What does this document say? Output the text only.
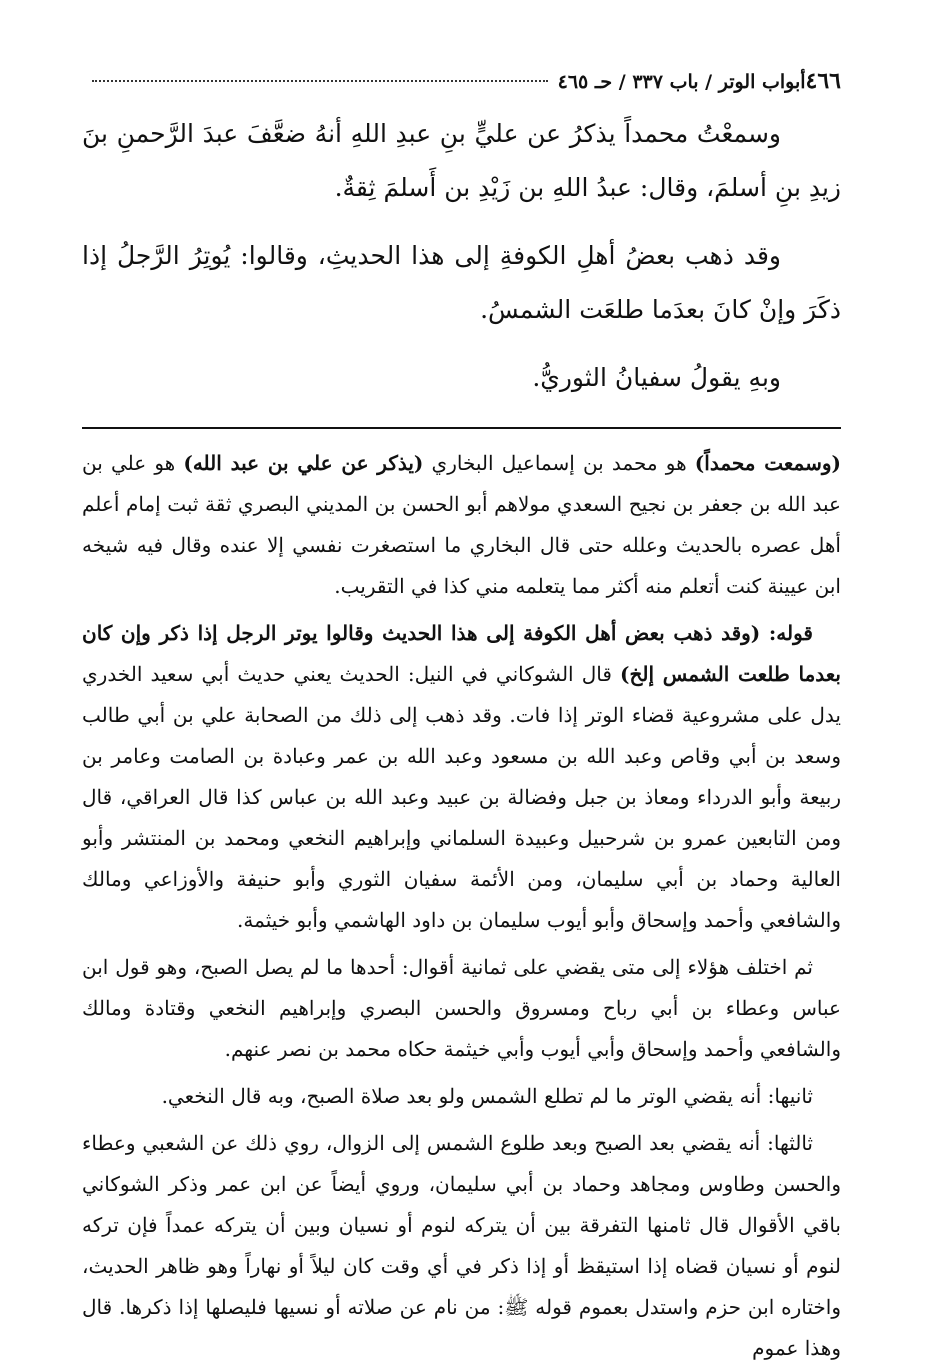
٤٦٦
أبواب الوتر / باب ٣٣٧ / حـ ٤٦٥

وسمعْتُ محمداً يذكرُ عن عليٍّ بنِ عبدِ اللهِ أنهُ ضعَّفَ عبدَ الرَّحمنِ بنَ زيدِ بنِ أسلمَ، وقال: عبدُ اللهِ بن زَيْدِ بن أَسلمَ ثِقةٌ.

وقد ذهب بعضُ أهلِ الكوفةِ إلى هذا الحديثِ، وقالوا: يُوتِرُ الرَّجلُ إذا ذكَرَ وإنْ كانَ بعدَما طلعَت الشمسُ.

وبهِ يقولُ سفيانُ الثوريُّ.

(وسمعت محمداً) هو محمد بن إسماعيل البخاري (يذكر عن علي بن عبد الله) هو علي بن عبد الله بن جعفر بن نجيح السعدي مولاهم أبو الحسن بن المديني البصري ثقة ثبت إمام أعلم أهل عصره بالحديث وعلله حتى قال البخاري ما استصغرت نفسي إلا عنده وقال فيه شيخه ابن عيينة كنت أتعلم منه أكثر مما يتعلمه مني كذا في التقريب.

قوله: (وقد ذهب بعض أهل الكوفة إلى هذا الحديث وقالوا يوتر الرجل إذا ذكر وإن كان بعدما طلعت الشمس إلخ) قال الشوكاني في النيل: الحديث يعني حديث أبي سعيد الخدري يدل على مشروعية قضاء الوتر إذا فات. وقد ذهب إلى ذلك من الصحابة علي بن أبي طالب وسعد بن أبي وقاص وعبد الله بن مسعود وعبد الله بن عمر وعبادة بن الصامت وعامر بن ربيعة وأبو الدرداء ومعاذ بن جبل وفضالة بن عبيد وعبد الله بن عباس كذا قال العراقي، قال ومن التابعين عمرو بن شرحبيل وعبيدة السلماني وإبراهيم النخعي ومحمد بن المنتشر وأبو العالية وحماد بن أبي سليمان، ومن الأئمة سفيان الثوري وأبو حنيفة والأوزاعي ومالك والشافعي وأحمد وإسحاق وأبو أيوب سليمان بن داود الهاشمي وأبو خيثمة.

ثم اختلف هؤلاء إلى متى يقضي على ثمانية أقوال: أحدها ما لم يصل الصبح، وهو قول ابن عباس وعطاء بن أبي رباح ومسروق والحسن البصري وإبراهيم النخعي وقتادة ومالك والشافعي وأحمد وإسحاق وأبي أيوب وأبي خيثمة حكاه محمد بن نصر عنهم.

ثانيها: أنه يقضي الوتر ما لم تطلع الشمس ولو بعد صلاة الصبح، وبه قال النخعي.

ثالثها: أنه يقضي بعد الصبح وبعد طلوع الشمس إلى الزوال، روي ذلك عن الشعبي وعطاء والحسن وطاوس ومجاهد وحماد بن أبي سليمان، وروي أيضاً عن ابن عمر وذكر الشوكاني باقي الأقوال قال ثامنها التفرقة بين أن يتركه لنوم أو نسيان وبين أن يتركه عمداً فإن تركه لنوم أو نسيان قضاه إذا استيقظ أو إذا ذكر في أي وقت كان ليلاً أو نهاراً وهو ظاهر الحديث، واختاره ابن حزم واستدل بعموم قوله ﷺ: من نام عن صلاته أو نسيها فليصلها إذا ذكرها. قال وهذا عموم
